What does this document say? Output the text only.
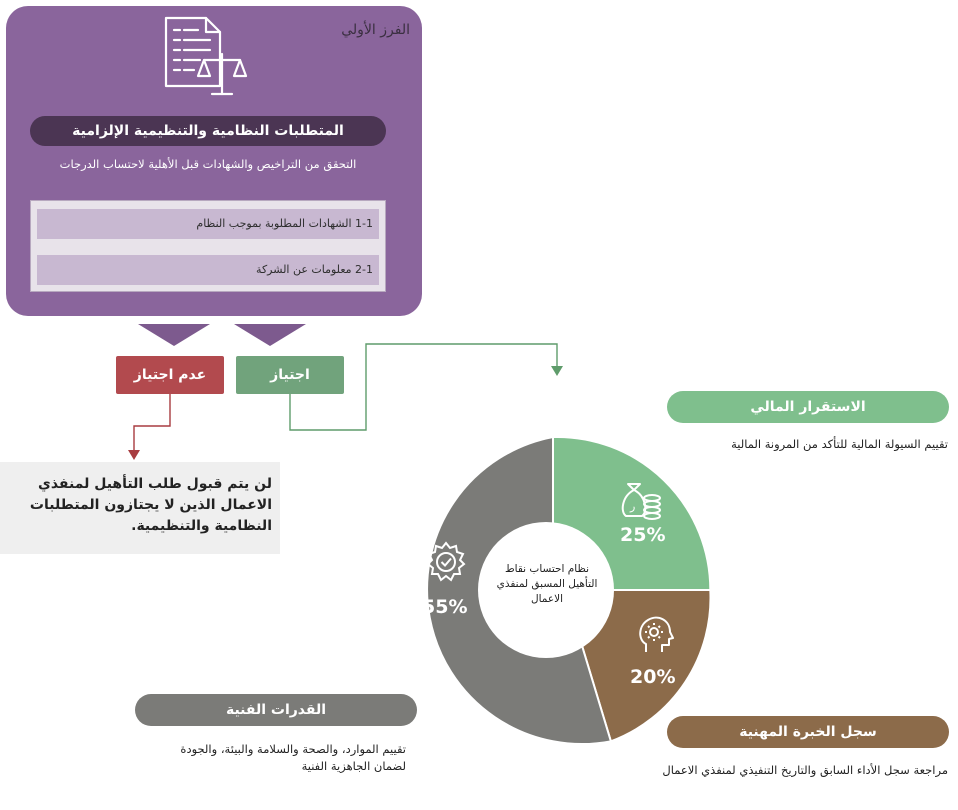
الفرز الأولي
المتطلبات النظامية والتنظيمية الإلزامية
التحقق من التراخيص والشهادات قبل الأهلية لاحتساب الدرجات
1-1 الشهادات المطلوبة بموجب النظام
2-1 معلومات عن الشركة
اجتياز
عدم اجتياز
لن يتم قبول طلب التأهيل لمنفذي الاعمال الذين لا يجتازون المتطلبات النظامية والتنظيمية.
نظام احتساب نقاط التأهيل المسبق لمنفذي الاعمال
ر
25%
55%
20%
الاستقرار المالي
تقييم السيولة المالية للتأكد من المرونة المالية
سجل الخبرة المهنية
مراجعة سجل الأداء السابق والتاريخ التنفيذي لمنفذي الاعمال
القدرات الفنية
تقييم الموارد، والصحة والسلامة والبيئة، والجودة لضمان الجاهزية الفنية
